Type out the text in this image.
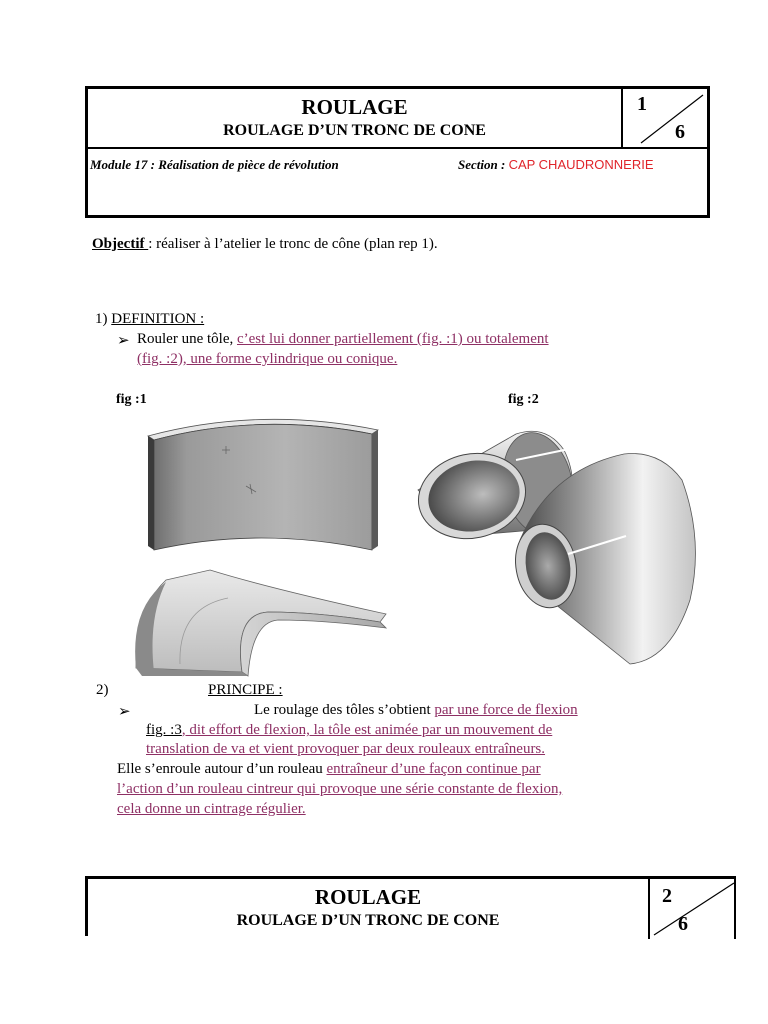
ROULAGE
ROULAGE D’UN TRONC DE CONE
1
6
Module 17 : Réalisation de pièce de révolution	Section : CAP CHAUDRONNERIE
Objectif : réaliser à l’atelier le tronc de cône (plan rep 1).
1) DEFINITION :
➢ Rouler une tôle, c’est lui donner partiellement (fig. :1) ou totalement
(fig. :2), une forme cylindrique ou conique.
fig :1	fig :2
2)	PRINCIPE :
➢	Le roulage des tôles s’obtient par une force de flexion
fig. :3, dit effort de flexion, la tôle est animée par un mouvement de
translation de va et vient provoquer par deux rouleaux entraîneurs.
Elle s’enroule autour d’un rouleau entraîneur d’une façon continue par
l’action d’un rouleau cintreur qui provoque une série constante de flexion,
cela donne un cintrage régulier.
ROULAGE
ROULAGE D’UN TRONC DE CONE
2
6
